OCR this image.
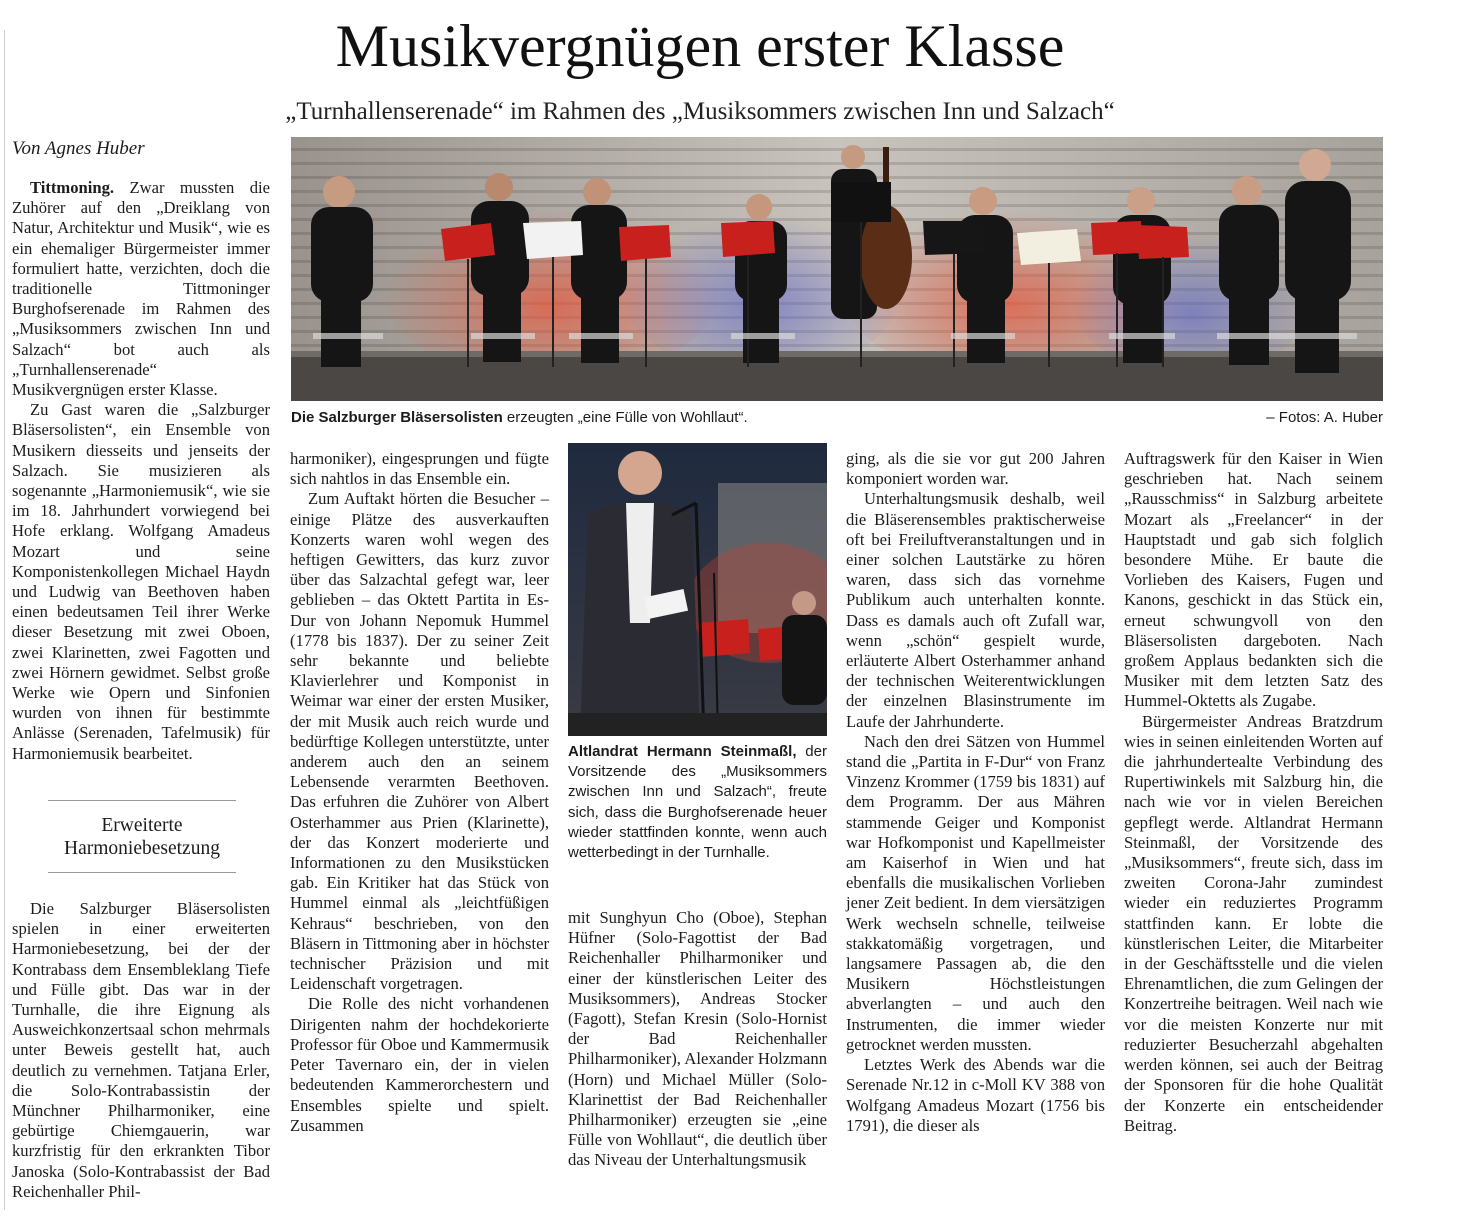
Musikvergnügen erster Klasse
„Turnhallenserenade“ im Rahmen des „Musiksommers zwischen Inn und Salzach“
Von Agnes Huber
Die Salzburger Bläsersolisten erzeugten „eine Fülle von Wohllaut“.	– Fotos: A. Huber
Altlandrat Hermann Steinmaßl, der Vorsitzende des „Musiksommers zwischen Inn und Salzach“, freute sich, dass die Burghofserenade heuer wieder stattfinden konnte, wenn auch wetterbedingt in der Turnhalle.

Tittmoning. Zwar mussten die Zuhörer auf den „Dreiklang von Natur, Architektur und Musik“, wie es ein ehemaliger Bürgermeister immer formuliert hatte, verzichten, doch die traditionelle Tittmoninger Burghofserenade im Rahmen des „Musiksommers zwischen Inn und Salzach“ bot auch als „Turnhallenserenade“ Musikvergnügen erster Klasse.

Zu Gast waren die „Salzburger Bläsersolisten“, ein Ensemble von Musikern diesseits und jenseits der Salzach. Sie musizieren als sogenannte „Harmoniemusik“, wie sie im 18. Jahrhundert vorwiegend bei Hofe erklang. Wolfgang Amadeus Mozart und seine Komponistenkollegen Michael Haydn und Ludwig van Beethoven haben einen bedeutsamen Teil ihrer Werke dieser Besetzung mit zwei Oboen, zwei Klarinetten, zwei Fagotten und zwei Hörnern gewidmet. Selbst große Werke wie Opern und Sinfonien wurden von ihnen für bestimmte Anlässe (Serenaden, Tafelmusik) für Harmoniemusik bearbeitet.

Erweiterte Harmoniebesetzung

Die Salzburger Bläsersolisten spielen in einer erweiterten Harmoniebesetzung, bei der der Kontrabass dem Ensembleklang Tiefe und Fülle gibt. Das war in der Turnhalle, die ihre Eignung als Ausweichkonzertsaal schon mehrmals unter Beweis gestellt hat, auch deutlich zu vernehmen. Tatjana Erler, die Solo-Kontrabassistin der Münchner Philharmoniker, eine gebürtige Chiemgauerin, war kurzfristig für den erkrankten Tibor Janoska (Solo-Kontrabassist der Bad Reichenhaller Phil-

harmoniker), eingesprungen und fügte sich nahtlos in das Ensemble ein.

Zum Auftakt hörten die Besucher – einige Plätze des ausverkauften Konzerts waren wohl wegen des heftigen Gewitters, das kurz zuvor über das Salzachtal gefegt war, leer geblieben – das Oktett Partita in Es-Dur von Johann Nepomuk Hummel (1778 bis 1837). Der zu seiner Zeit sehr bekannte und beliebte Klavierlehrer und Komponist in Weimar war einer der ersten Musiker, der mit Musik auch reich wurde und bedürftige Kollegen unterstützte, unter anderem auch den an seinem Lebensende verarmten Beethoven. Das erfuhren die Zuhörer von Albert Osterhammer aus Prien (Klarinette), der das Konzert moderierte und Informationen zu den Musikstücken gab. Ein Kritiker hat das Stück von Hummel einmal als „leichtfüßigen Kehraus“ beschrieben, von den Bläsern in Tittmoning aber in höchster technischer Präzision und mit Leidenschaft vorgetragen.

Die Rolle des nicht vorhandenen Dirigenten nahm der hochdekorierte Professor für Oboe und Kammermusik Peter Tavernaro ein, der in vielen bedeutenden Kammerorchestern und Ensembles spielte und spielt. Zusammen

mit Sunghyun Cho (Oboe), Stephan Hüfner (Solo-Fagottist der Bad Reichenhaller Philharmoniker und einer der künstlerischen Leiter des Musiksommers), Andreas Stocker (Fagott), Stefan Kresin (Solo-Hornist der Bad Reichenhaller Philharmoniker), Alexander Holzmann (Horn) und Michael Müller (Solo-Klarinettist der Bad Reichenhaller Philharmoniker) erzeugten sie „eine Fülle von Wohllaut“, die deutlich über das Niveau der Unterhaltungsmusik

ging, als die sie vor gut 200 Jahren komponiert worden war.

Unterhaltungsmusik deshalb, weil die Bläserensembles praktischerweise oft bei Freiluftveranstaltungen und in einer solchen Lautstärke zu hören waren, dass sich das vornehme Publikum auch unterhalten konnte. Dass es damals auch oft Zufall war, wenn „schön“ gespielt wurde, erläuterte Albert Osterhammer anhand der technischen Weiterentwicklungen der einzelnen Blasinstrumente im Laufe der Jahrhunderte.

Nach den drei Sätzen von Hummel stand die „Partita in F-Dur“ von Franz Vinzenz Krommer (1759 bis 1831) auf dem Programm. Der aus Mähren stammende Geiger und Komponist war Hofkomponist und Kapellmeister am Kaiserhof in Wien und hat ebenfalls die musikalischen Vorlieben jener Zeit bedient. In dem viersätzigen Werk wechseln schnelle, teilweise stakkatomäßig vorgetragen, und langsamere Passagen ab, die den Musikern Höchstleistungen abverlangten – und auch den Instrumenten, die immer wieder getrocknet werden mussten.

Letztes Werk des Abends war die Serenade Nr.12 in c-Moll KV 388 von Wolfgang Amadeus Mozart (1756 bis 1791), die dieser als

Auftragswerk für den Kaiser in Wien geschrieben hat. Nach seinem „Rausschmiss“ in Salzburg arbeitete Mozart als „Freelancer“ in der Hauptstadt und gab sich folglich besondere Mühe. Er baute die Vorlieben des Kaisers, Fugen und Kanons, geschickt in das Stück ein, erneut schwungvoll von den Bläsersolisten dargeboten. Nach großem Applaus bedankten sich die Musiker mit dem letzten Satz des Hummel-Oktetts als Zugabe.

Bürgermeister Andreas Bratzdrum wies in seinen einleitenden Worten auf die jahrhundertealte Verbindung des Rupertiwinkels mit Salzburg hin, die nach wie vor in vielen Bereichen gepflegt werde. Altlandrat Hermann Steinmaßl, der Vorsitzende des „Musiksommers“, freute sich, dass im zweiten Corona-Jahr zumindest wieder ein reduziertes Programm stattfinden kann. Er lobte die künstlerischen Leiter, die Mitarbeiter in der Geschäftsstelle und die vielen Ehrenamtlichen, die zum Gelingen der Konzertreihe beitragen. Weil nach wie vor die meisten Konzerte nur mit reduzierter Besucherzahl abgehalten werden können, sei auch der Beitrag der Sponsoren für die hohe Qualität der Konzerte ein entscheidender Beitrag.
